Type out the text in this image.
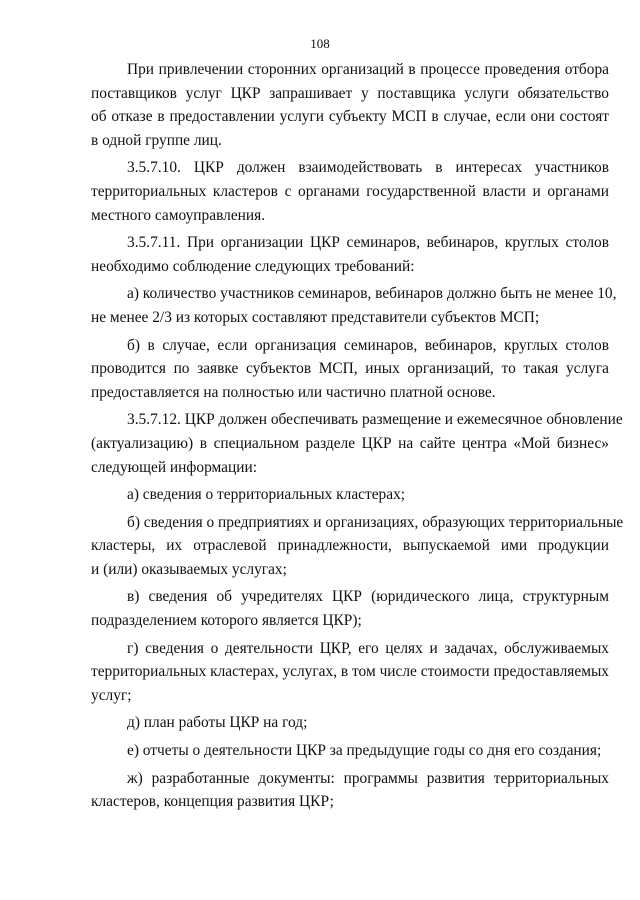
108

При привлечении сторонних организаций в процессе проведения отбора
поставщиков услуг ЦКР запрашивает у поставщика услуги обязательство
об отказе в предоставлении услуги субъекту МСП в случае, если они состоят
в одной группе лиц.

3.5.7.10. ЦКР должен взаимодействовать в интересах участников
территориальных кластеров с органами государственной власти и органами
местного самоуправления.

3.5.7.11. При организации ЦКР семинаров, вебинаров, круглых столов
необходимо соблюдение следующих требований:

а) количество участников семинаров, вебинаров должно быть не менее 10,
не менее 2/3 из которых составляют представители субъектов МСП;

б) в случае, если организация семинаров, вебинаров, круглых столов
проводится по заявке субъектов МСП, иных организаций, то такая услуга
предоставляется на полностью или частично платной основе.

3.5.7.12. ЦКР должен обеспечивать размещение и ежемесячное обновление
(актуализацию) в специальном разделе ЦКР на сайте центра «Мой бизнес»
следующей информации:

а) сведения о территориальных кластерах;

б) сведения о предприятиях и организациях, образующих территориальные
кластеры, их отраслевой принадлежности, выпускаемой ими продукции
и (или) оказываемых услугах;

в) сведения об учредителях ЦКР (юридического лица, структурным
подразделением которого является ЦКР);

г) сведения о деятельности ЦКР, его целях и задачах, обслуживаемых
территориальных кластерах, услугах, в том числе стоимости предоставляемых
услуг;

д) план работы ЦКР на год;

е) отчеты о деятельности ЦКР за предыдущие годы со дня его создания;

ж) разработанные документы: программы развития территориальных
кластеров, концепция развития ЦКР;
